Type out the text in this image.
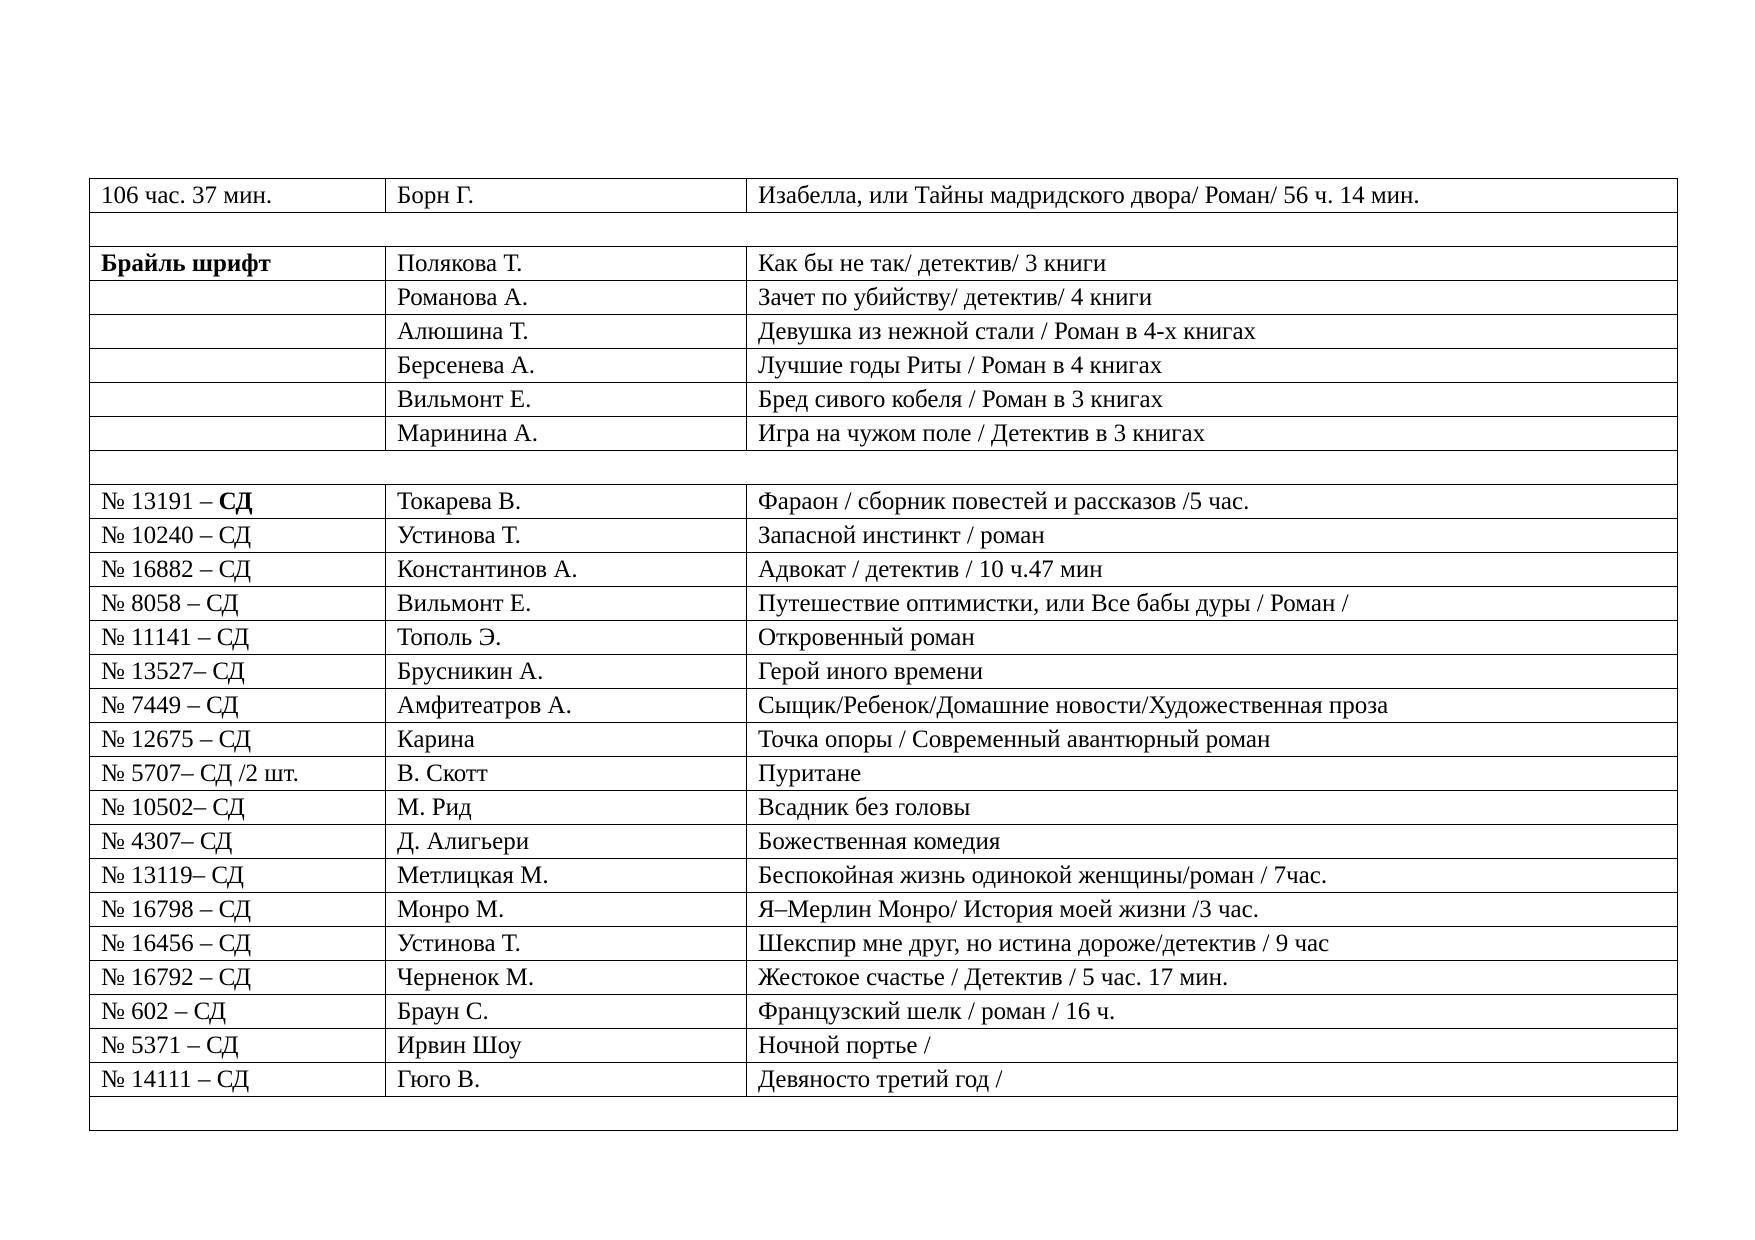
106 час. 37 мин.	Борн Г.	Изабелла, или Тайны мадридского двора/ Роман/ 56 ч. 14 мин.

Брайль шрифт	Полякова Т.	Как бы не так/ детектив/ 3 книги
	Романова А.	Зачет по убийству/ детектив/ 4 книги
	Алюшина Т.	Девушка из нежной стали / Роман в 4-х книгах
	Берсенева А.	Лучшие годы Риты / Роман в 4 книгах
	Вильмонт Е.	Бред сивого кобеля / Роман в 3 книгах
	Маринина А.	Игра на чужом поле / Детектив в 3 книгах

№ 13191 – СД	Токарева В.	Фараон / сборник повестей и рассказов /5 час.
№ 10240 – СД	Устинова Т.	Запасной инстинкт / роман
№ 16882 – СД	Константинов А.	Адвокат / детектив / 10 ч.47 мин
№ 8058 – СД	Вильмонт Е.	Путешествие оптимистки, или Все бабы дуры / Роман /
№ 11141 – СД	Тополь Э.	Откровенный роман
№ 13527– СД	Брусникин А.	Герой иного времени
№ 7449 – СД	Амфитеатров А.	Сыщик/Ребенок/Домашние новости/Художественная проза
№ 12675 – СД	Карина	Точка опоры / Современный авантюрный роман
№ 5707– СД /2 шт.	В. Скотт	Пуритане
№ 10502– СД	М. Рид	Всадник без головы
№ 4307– СД	Д. Алигьери	Божественная комедия
№ 13119– СД	Метлицкая М.	Беспокойная жизнь одинокой женщины/роман / 7час.
№ 16798 – СД	Монро М.	Я–Мерлин Монро/ История моей жизни /3 час.
№ 16456 – СД	Устинова Т.	Шекспир мне друг, но истина дороже/детектив / 9 час
№ 16792 – СД	Черненок М.	Жестокое счастье / Детектив / 5 час. 17 мин.
№ 602 – СД	Браун С.	Французский шелк / роман / 16 ч.
№ 5371 – СД	Ирвин Шоу	Ночной портье /
№ 14111 – СД	Гюго В.	Девяносто третий год /
